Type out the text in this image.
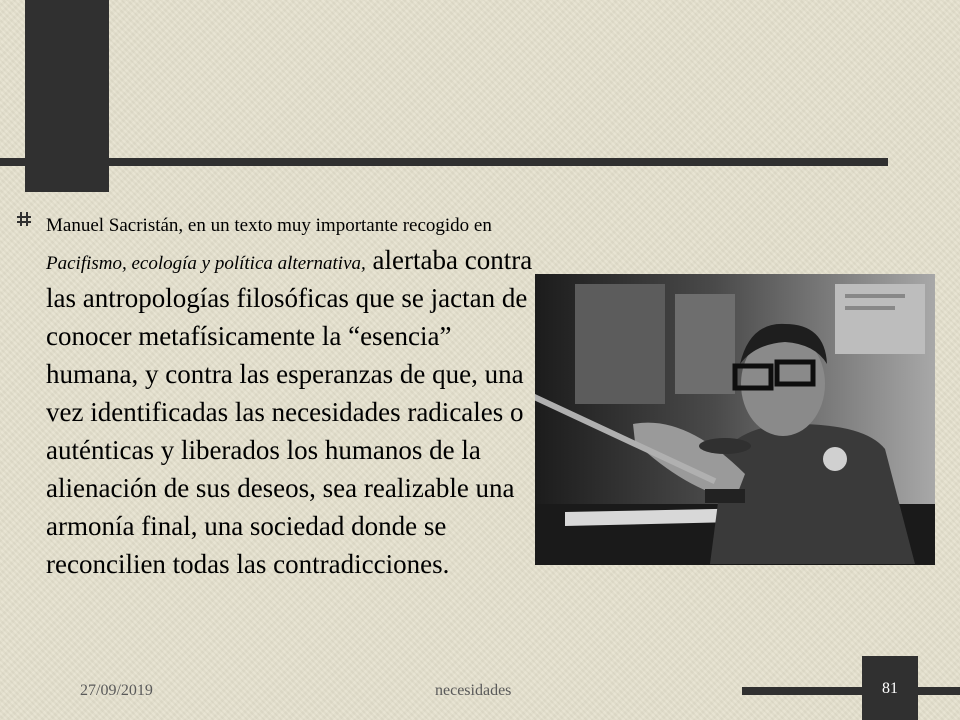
Manuel Sacristán, en un texto muy importante recogido en Pacifismo, ecología y política alternativa, alertaba contra las antropologías filosóficas que se jactan de conocer metafísicamente la “esencia” humana, y contra las esperanzas de que, una vez identificadas las necesidades radicales o auténticas y liberados los humanos de la alienación de sus deseos, sea realizable una armonía final, una sociedad donde se reconcilien todas las contradicciones.

27/09/2019	necesidades	81
